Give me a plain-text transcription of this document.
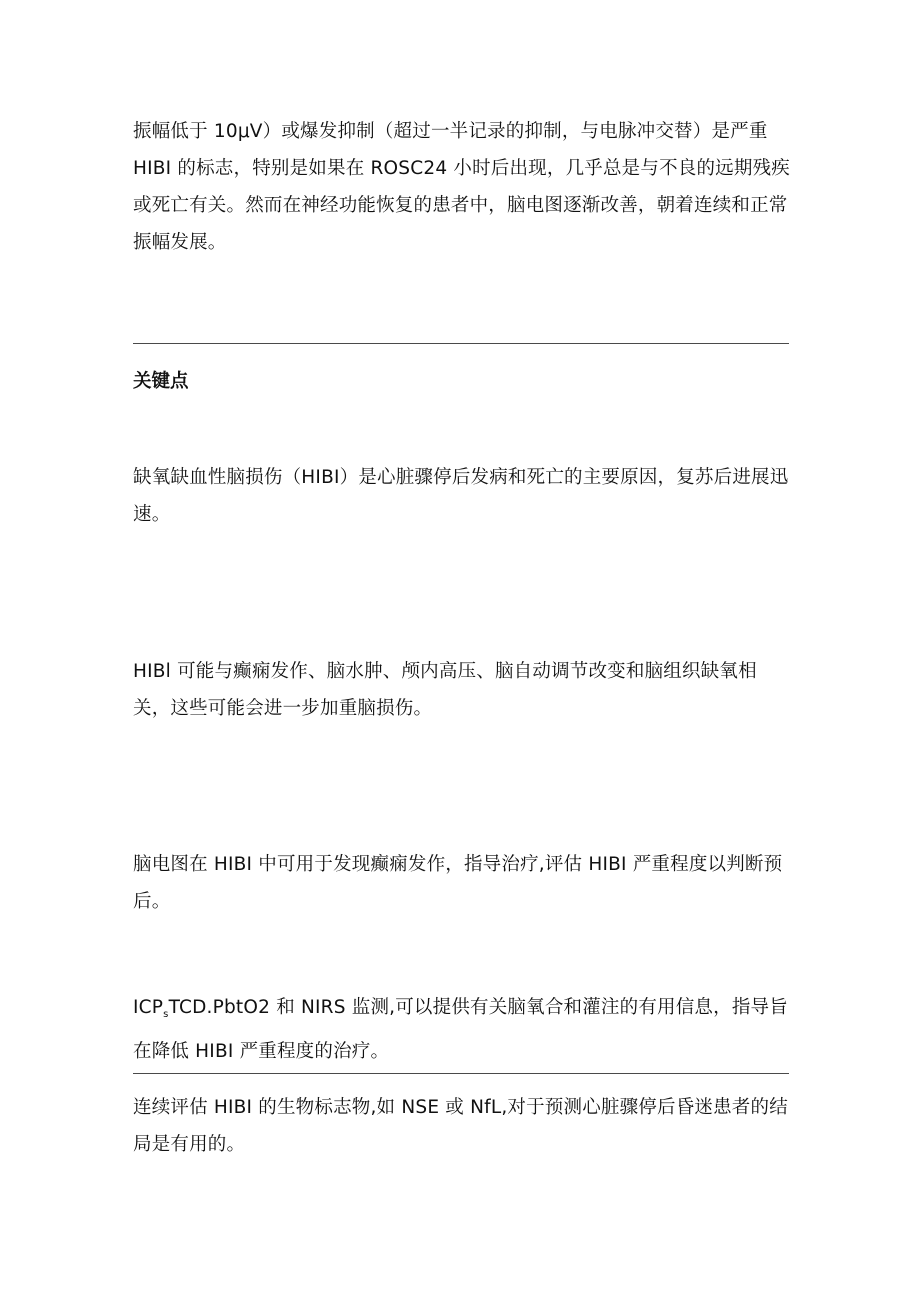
振幅低于 10μV）或爆发抑制（超过一半记录的抑制，与电脉冲交替）是严重 HIBI 的标志，特别是如果在 ROSC24 小时后出现，几乎总是与不良的远期残疾或死亡有关。然而在神经功能恢复的患者中，脑电图逐渐改善，朝着连续和正常振幅发展。

关键点

缺氧缺血性脑损伤（HIBI）是心脏骤停后发病和死亡的主要原因，复苏后进展迅速。

HIBl 可能与癫痫发作、脑水肿、颅内高压、脑自动调节改变和脑组织缺氧相关，这些可能会进一步加重脑损伤。

脑电图在 HIBI 中可用于发现癫痫发作，指导治疗,评估 HIBI 严重程度以判断预后。

$ICP_sTCD.PbtO2$ 和 NIRS 监测,可以提供有关脑氧合和灌注的有用信息，指导旨在降低 HIBI 严重程度的治疗。

连续评估 HIBI 的生物标志物,如 NSE 或 NfL,对于预测心脏骤停后昏迷患者的结局是有用的。
